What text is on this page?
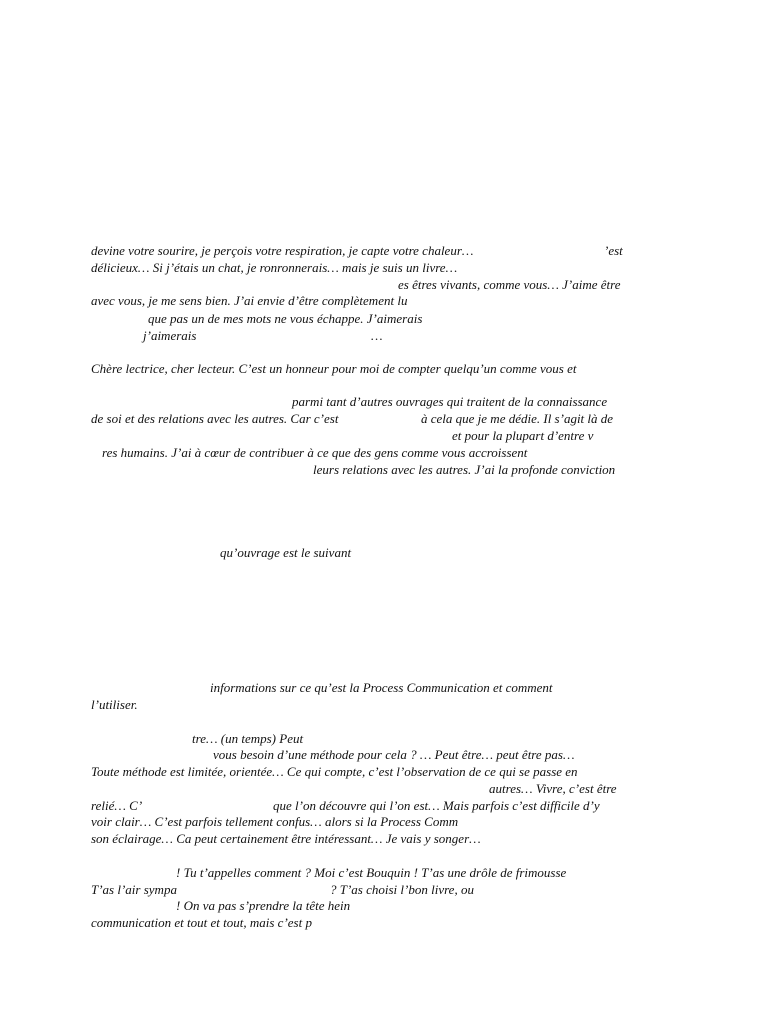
devine votre sourire, je perçois votre respiration, je capte votre chaleur…	’est
délicieux… Si j’étais un chat, je ronronnerais… mais je suis un livre…
es êtres vivants, comme vous… J’aime être
avec vous, je me sens bien. J’ai envie d’être complètement lu
que pas un de mes mots ne vous échappe. J’aimerais
j’aimerais	…
Chère lectrice, cher lecteur. C’est un honneur pour moi de compter quelqu’un comme vous et
parmi tant d’autres ouvrages qui traitent de la connaissance
de soi et des relations avec les autres. Car c’est	à cela que je me dédie. Il s’agit là de
et pour la plupart d’entre v
res humains. J’ai à cœur de contribuer à ce que des gens comme vous accroissent
leurs relations avec les autres. J’ai la profonde conviction
qu’ouvrage est le suivant
informations sur ce qu’est la Process Communication et comment
l’utiliser.
tre… (un temps) Peut
vous besoin d’une méthode pour cela ? … Peut être… peut être pas…
Toute méthode est limitée, orientée… Ce qui compte, c’est l’observation de ce qui se passe en
autres… Vivre, c’est être
relié… C’	que l’on découvre qui l’on est… Mais parfois c’est difficile d’y
voir clair… C’est parfois tellement confus… alors si la Process Comm
son éclairage… Ca peut certainement être intéressant… Je vais y songer…
! Tu t’appelles comment ? Moi c’est Bouquin ! T’as une drôle de frimousse
T’as l’air sympa	? T’as choisi l’bon livre, ou
! On va pas s’prendre la tête hein
communication et tout et tout, mais c’est p
